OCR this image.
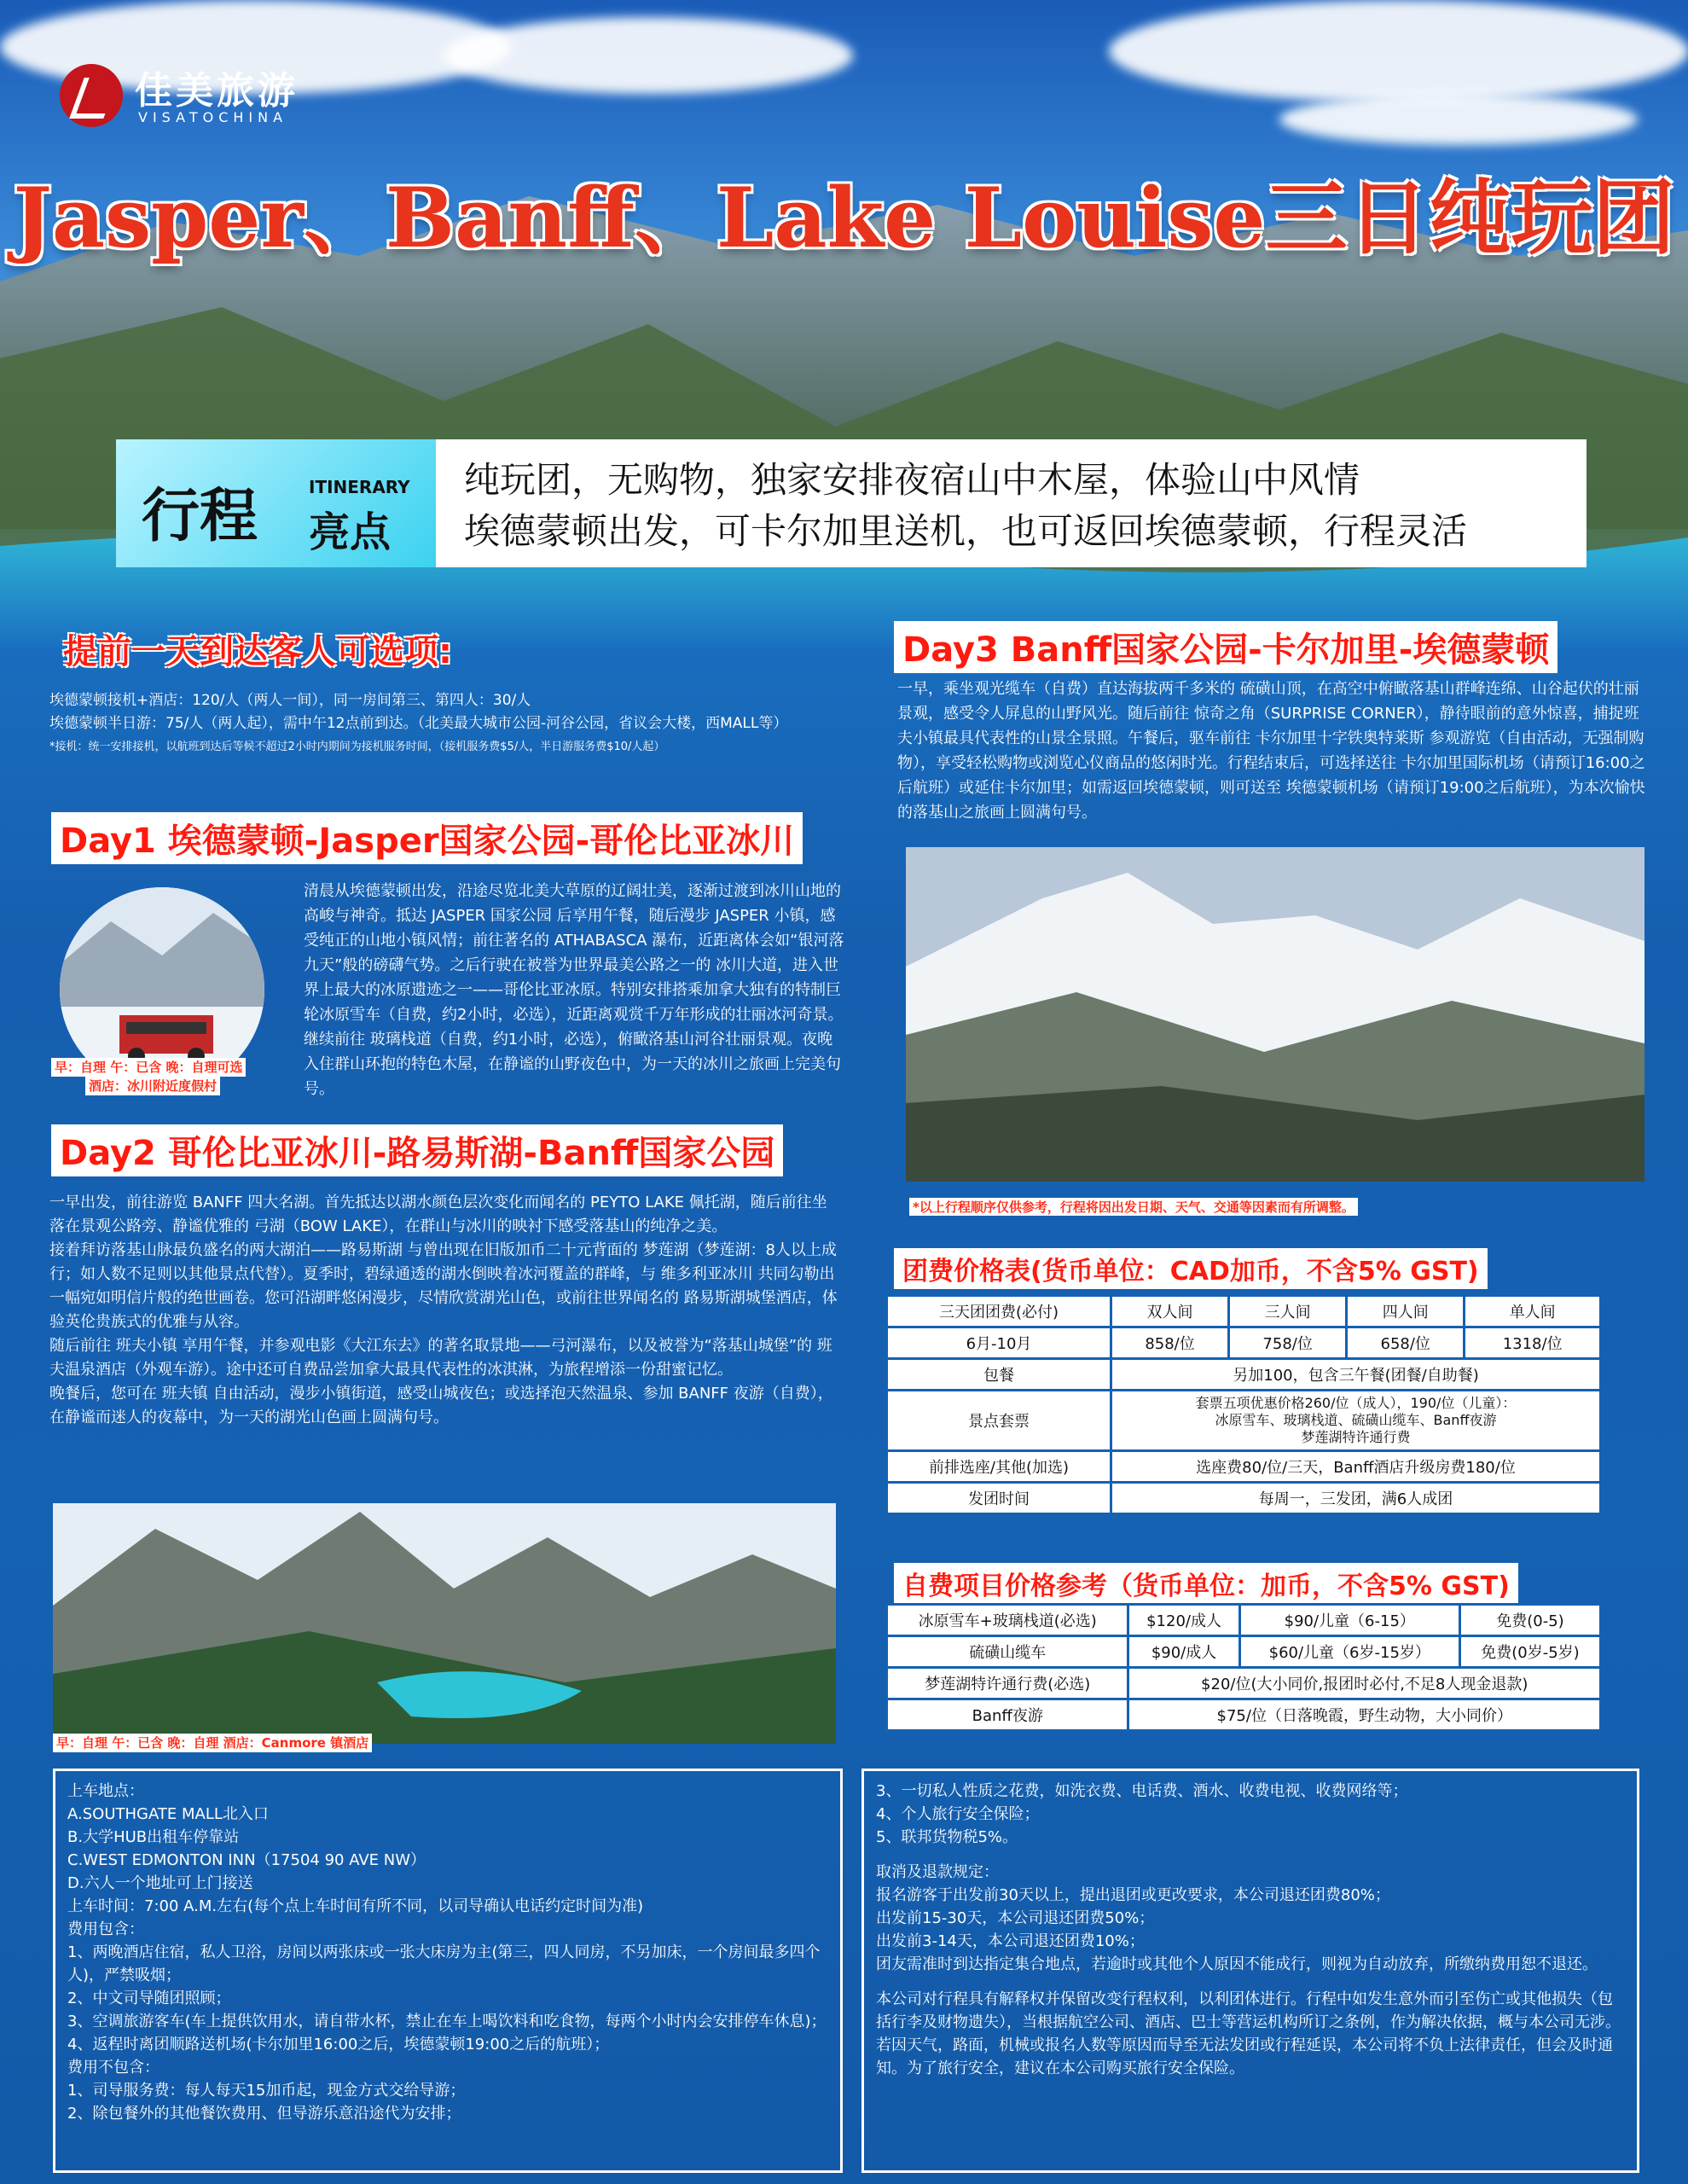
佳美旅游
VISATOCHINA
Jasper、Banff、Lake Louise三日纯玩团
行程	ITINERARY
亮点
纯玩团，无购物，独家安排夜宿山中木屋，体验山中风情
埃德蒙顿出发，可卡尔加里送机，也可返回埃德蒙顿，行程灵活
提前一天到达客人可选项:
埃德蒙顿接机+酒店：120/人（两人一间），同一房间第三、第四人：30/人
埃德蒙顿半日游：75/人（两人起），需中午12点前到达。（北美最大城市公园-河谷公园，省议会大楼，西MALL等）
*接机：统一安排接机，以航班到达后等候不超过2小时内期间为接机服务时间，（接机服务费$5/人，半日游服务费$10/人起）
Day1 埃德蒙顿-Jasper国家公园-哥伦比亚冰川
早：自理 午：已含 晚：自理可选
酒店：冰川附近度假村
清晨从埃德蒙顿出发，沿途尽览北美大草原的辽阔壮美，逐渐过渡到冰川山地的高峻与神奇。抵达 JASPER 国家公园 后享用午餐，随后漫步 JASPER 小镇，感受纯正的山地小镇风情；前往著名的 ATHABASCA 瀑布，近距离体会如“银河落九天”般的磅礴气势。之后行驶在被誉为世界最美公路之一的 冰川大道，进入世界上最大的冰原遗迹之一——哥伦比亚冰原。特别安排搭乘加拿大独有的特制巨轮冰原雪车（自费，约2小时，必选），近距离观赏千万年形成的壮丽冰河奇景。继续前往 玻璃栈道（自费，约1小时，必选），俯瞰洛基山河谷壮丽景观。夜晚入住群山环抱的特色木屋，在静谧的山野夜色中，为一天的冰川之旅画上完美句号。
Day2 哥伦比亚冰川-路易斯湖-Banff国家公园
一早出发，前往游览 BANFF 四大名湖。首先抵达以湖水颜色层次变化而闻名的 PEYTO LAKE 佩托湖，随后前往坐落在景观公路旁、静谧优雅的 弓湖（BOW LAKE），在群山与冰川的映衬下感受落基山的纯净之美。
接着拜访落基山脉最负盛名的两大湖泊——路易斯湖 与曾出现在旧版加币二十元背面的 梦莲湖（梦莲湖：8人以上成行；如人数不足则以其他景点代替）。夏季时，碧绿通透的湖水倒映着冰河覆盖的群峰，与 维多利亚冰川 共同勾勒出一幅宛如明信片般的绝世画卷。您可沿湖畔悠闲漫步，尽情欣赏湖光山色，或前往世界闻名的 路易斯湖城堡酒店，体验英伦贵族式的优雅与从容。
随后前往 班夫小镇 享用午餐，并参观电影《大江东去》的著名取景地——弓河瀑布，以及被誉为“落基山城堡”的 班夫温泉酒店（外观车游）。途中还可自费品尝加拿大最具代表性的冰淇淋，为旅程增添一份甜蜜记忆。
晚餐后，您可在 班夫镇 自由活动，漫步小镇街道，感受山城夜色；或选择泡天然温泉、参加 BANFF 夜游（自费），在静谧而迷人的夜幕中，为一天的湖光山色画上圆满句号。
早：自理 午：已含 晚：自理 酒店：Canmore 镇酒店
Day3 Banff国家公园-卡尔加里-埃德蒙顿
一早，乘坐观光缆车（自费）直达海拔两千多米的 硫磺山顶，在高空中俯瞰落基山群峰连绵、山谷起伏的壮丽景观，感受令人屏息的山野风光。随后前往 惊奇之角（SURPRISE CORNER），静待眼前的意外惊喜，捕捉班夫小镇最具代表性的山景全景照。午餐后，驱车前往 卡尔加里十字铁奥特莱斯 参观游览（自由活动，无强制购物），享受轻松购物或浏览心仪商品的悠闲时光。行程结束后，可选择送往 卡尔加里国际机场（请预订16:00之后航班）或延住卡尔加里；如需返回埃德蒙顿，则可送至 埃德蒙顿机场（请预订19:00之后航班），为本次愉快的落基山之旅画上圆满句号。
*以上行程顺序仅供参考，行程将因出发日期、天气、交通等因素而有所调整。
团费价格表(货币单位：CAD加币，不含5% GST)
三天团团费(必付)	双人间	三人间	四人间	单人间
6月-10月	858/位	758/位	658/位	1318/位
包餐	另加100，包含三午餐(团餐/自助餐)			
景点套票	套票五项优惠价格260/位（成人），190/位（儿童）：
冰原雪车、玻璃栈道、硫磺山缆车、Banff夜游
梦莲湖特许通行费			

前排选座/其他(加选)	选座费80/位/三天，Banff酒店升级房费180/位			
发团时间	每周一，三发团，满6人成团			
自费项目价格参考（货币单位：加币，不含5% GST)
冰原雪车+玻璃栈道(必选)	$120/成人	$90/儿童（6-15）	免费(0-5)
硫磺山缆车	$90/成人	$60/儿童（6岁-15岁）	免费(0岁-5岁)
梦莲湖特许通行费(必选)	$20/位(大小同价,报团时必付,不足8人现金退款)		
Banff夜游	$75/位（日落晚霞，野生动物，大小同价）		
上车地点：
A.SOUTHGATE MALL北入口
B.大学HUB出租车停靠站
C.WEST EDMONTON INN（17504 90 AVE NW）
D.六人一个地址可上门接送
上车时间：7:00 A.M.左右(每个点上车时间有所不同，以司导确认电话约定时间为准)
费用包含：
1、两晚酒店住宿，私人卫浴，房间以两张床或一张大床房为主(第三，四人同房，不另加床，一个房间最多四个人)，严禁吸烟；
2、中文司导随团照顾；
3、空调旅游客车(车上提供饮用水，请自带水杯，禁止在车上喝饮料和吃食物，每两个小时内会安排停车休息)；
4、返程时离团顺路送机场(卡尔加里16:00之后，埃德蒙顿19:00之后的航班）；
费用不包含：
1、司导服务费：每人每天15加币起，现金方式交给导游；
2、除包餐外的其他餐饮费用、但导游乐意沿途代为安排；
3、一切私人性质之花费，如洗衣费、电话费、酒水、收费电视、收费网络等；
4、个人旅行安全保险；
5、联邦货物税5%。
取消及退款规定：
报名游客于出发前30天以上，提出退团或更改要求，本公司退还团费80%；
出发前15-30天，本公司退还团费50%；
出发前3-14天，本公司退还团费10%；
团友需准时到达指定集合地点，若逾时或其他个人原因不能成行，则视为自动放弃，所缴纳费用恕不退还。
本公司对行程具有解释权并保留改变行程权利，以利团体进行。行程中如发生意外而引至伤亡或其他损失（包括行李及财物遗失），当根据航空公司、酒店、巴士等营运机构所订之条例，作为解决依据，概与本公司无涉。若因天气，路面，机械或报名人数等原因而导至无法发团或行程延误，本公司将不负上法律责任，但会及时通知。为了旅行安全，建议在本公司购买旅行安全保险。
